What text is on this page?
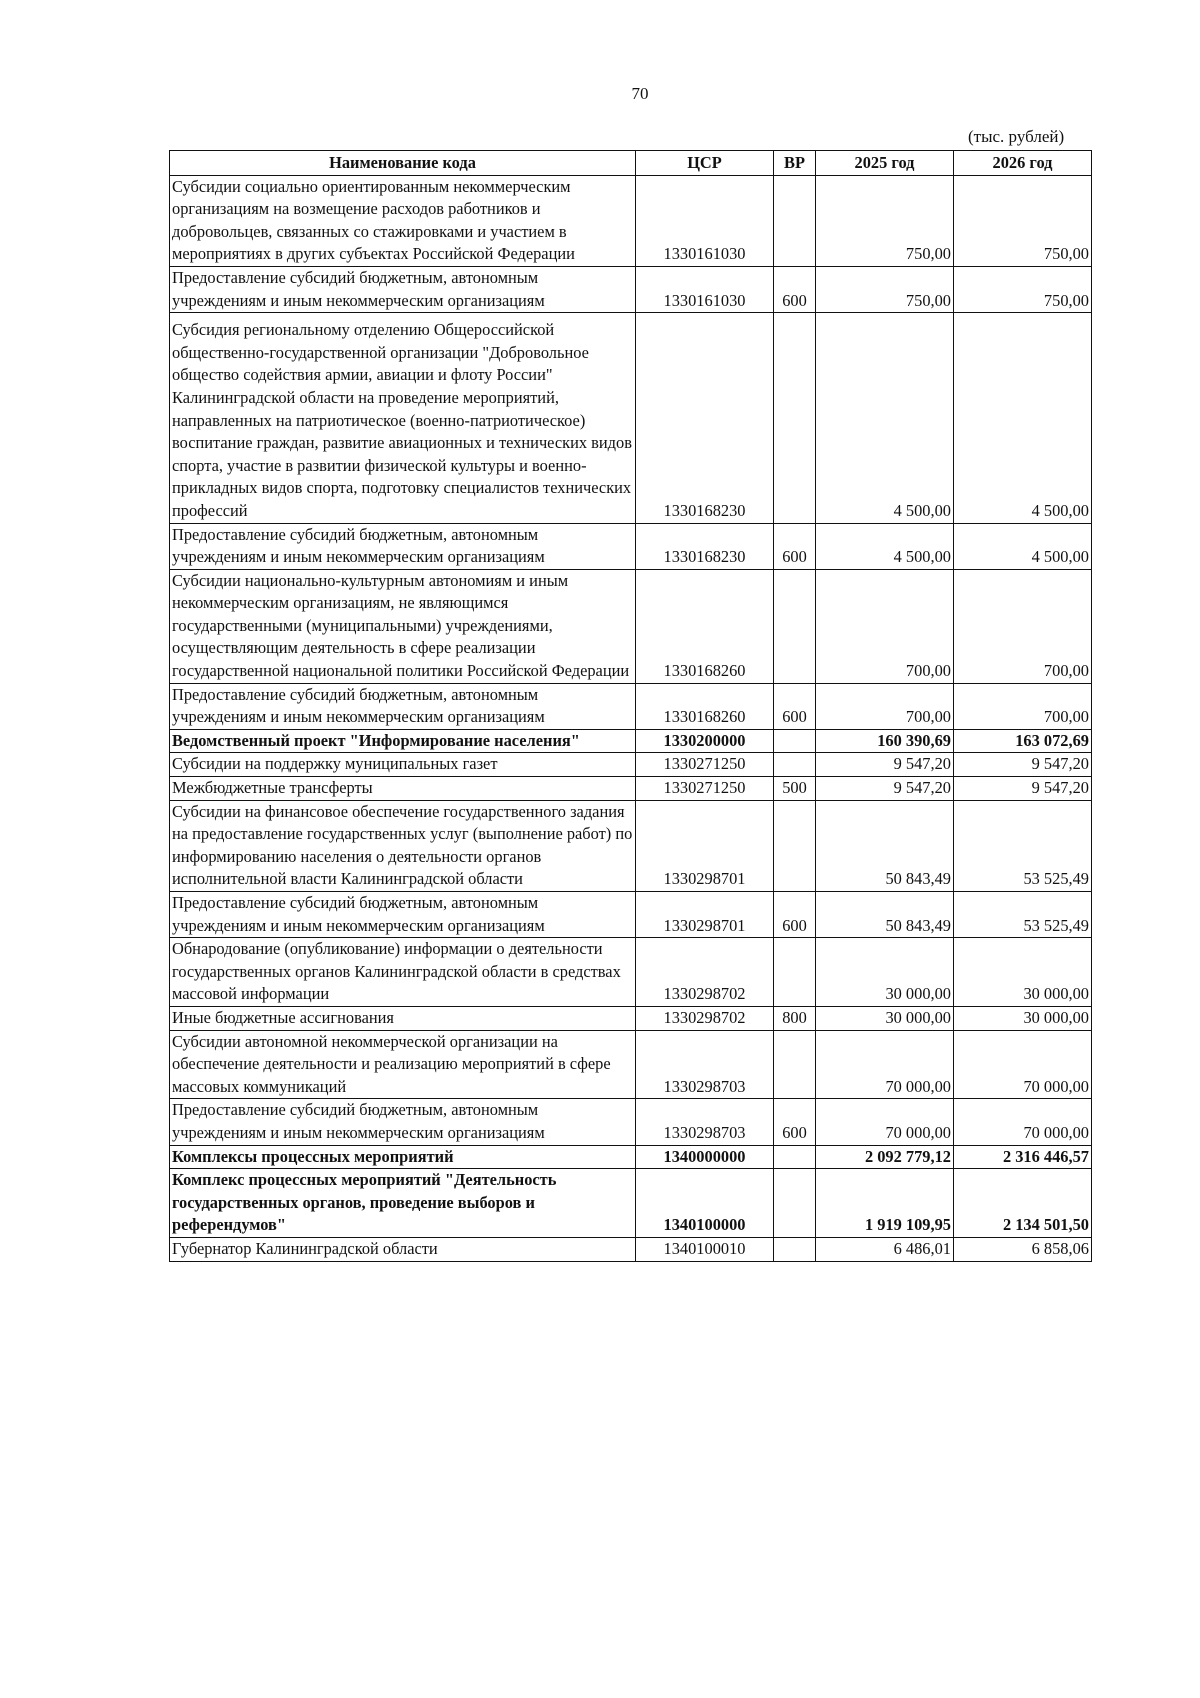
70
(тыс. рублей)
Наименование кода	ЦСР	ВР	2025 год	2026 год
Субсидии социально ориентированным некоммерческим организациям на возмещение расходов работников и добровольцев, связанных со стажировками и участием в мероприятиях в других субъектах Российской Федерации	1330161030		750,00	750,00
Предоставление субсидий бюджетным, автономным учреждениям и иным некоммерческим организациям	1330161030	600	750,00	750,00
Субсидия региональному отделению Общероссийской общественно-государственной организации "Добровольное общество содействия армии, авиации и флоту России" Калининградской области на проведение мероприятий, направленных на патриотическое (военно-патриотическое) воспитание граждан, развитие авиационных и технических видов спорта, участие в развитии физической культуры и военно-прикладных видов спорта, подготовку специалистов технических профессий	1330168230		4 500,00	4 500,00
Предоставление субсидий бюджетным, автономным учреждениям и иным некоммерческим организациям	1330168230	600	4 500,00	4 500,00
Субсидии национально-культурным автономиям и иным некоммерческим организациям, не являющимся государственными (муниципальными) учреждениями, осуществляющим деятельность в сфере реализации государственной национальной политики Российской Федерации	1330168260		700,00	700,00
Предоставление субсидий бюджетным, автономным учреждениям и иным некоммерческим организациям	1330168260	600	700,00	700,00
Ведомственный проект "Информирование населения"	1330200000		160 390,69	163 072,69
Субсидии на поддержку муниципальных газет	1330271250		9 547,20	9 547,20
Межбюджетные трансферты	1330271250	500	9 547,20	9 547,20
Субсидии на финансовое обеспечение государственного задания на предоставление государственных услуг (выполнение работ) по информированию населения о деятельности органов исполнительной власти Калининградской области	1330298701		50 843,49	53 525,49
Предоставление субсидий бюджетным, автономным учреждениям и иным некоммерческим организациям	1330298701	600	50 843,49	53 525,49
Обнародование (опубликование) информации о деятельности государственных органов Калининградской области в средствах массовой информации	1330298702		30 000,00	30 000,00
Иные бюджетные ассигнования	1330298702	800	30 000,00	30 000,00
Субсидии автономной некоммерческой организации на обеспечение деятельности и реализацию мероприятий в сфере массовых коммуникаций	1330298703		70 000,00	70 000,00
Предоставление субсидий бюджетным, автономным учреждениям и иным некоммерческим организациям	1330298703	600	70 000,00	70 000,00
Комплексы процессных мероприятий	1340000000		2 092 779,12	2 316 446,57
Комплекс процессных мероприятий "Деятельность государственных органов, проведение выборов и референдумов"	1340100000		1 919 109,95	2 134 501,50
Губернатор Калининградской области	1340100010		6 486,01	6 858,06
